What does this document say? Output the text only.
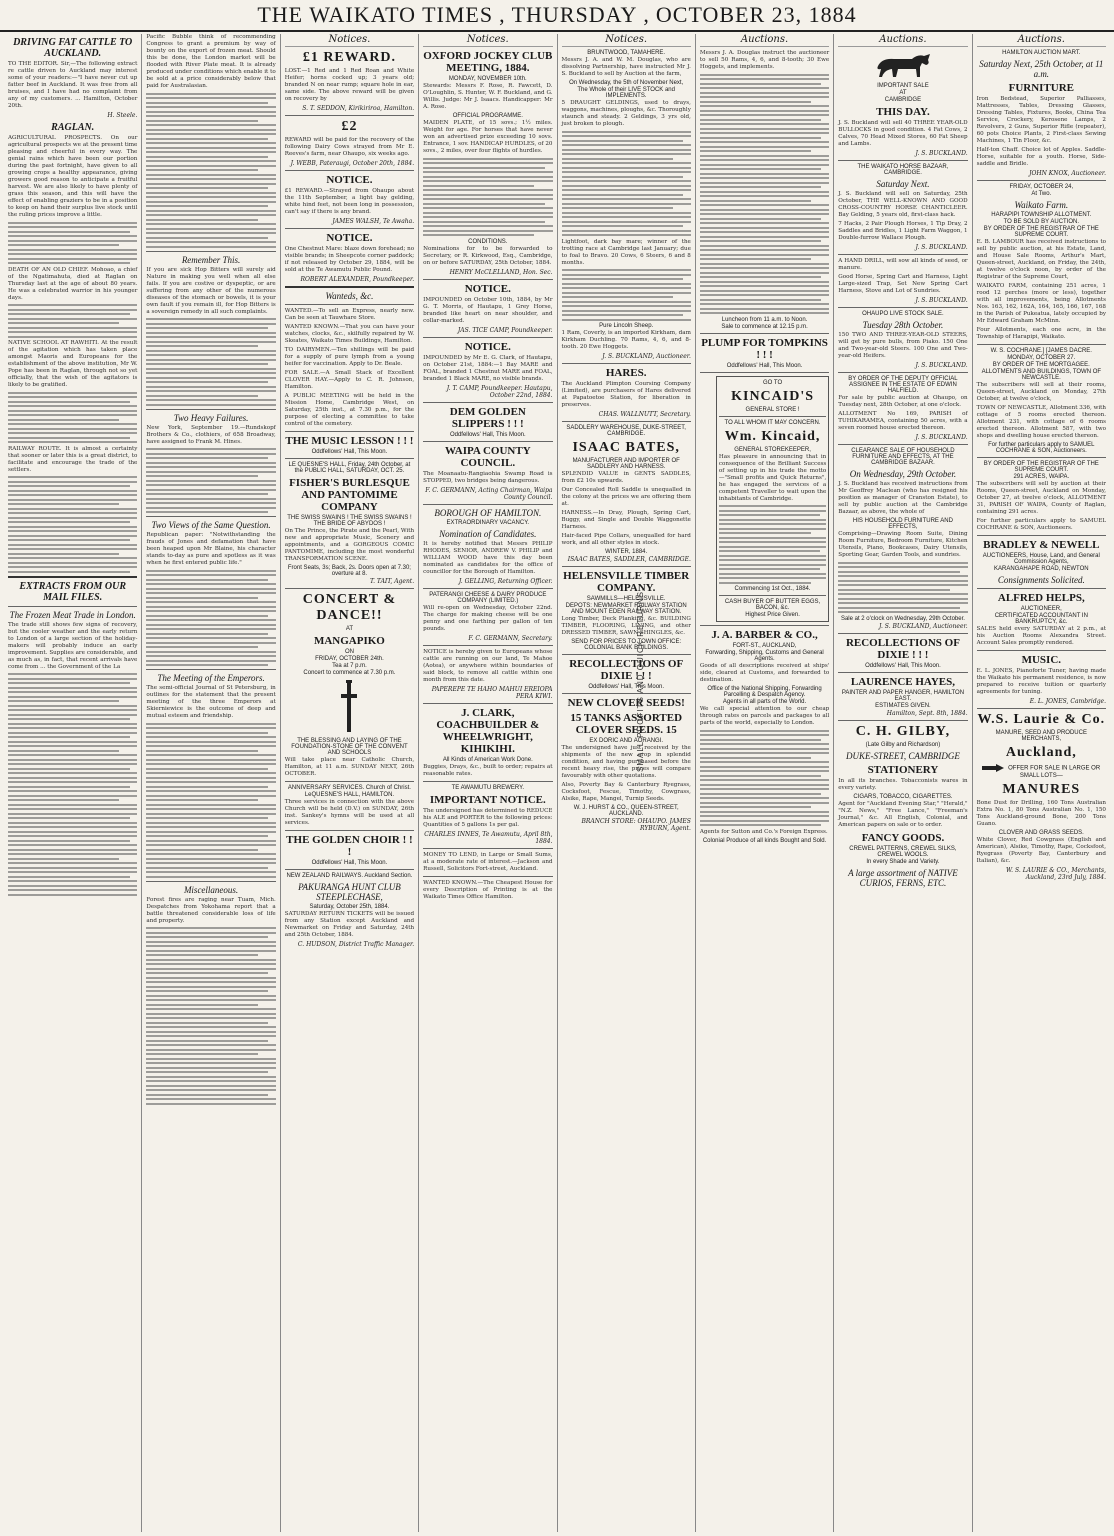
THE WAIKATO TIMES , THURSDAY , OCTOBER 23, 1884
DRIVING FAT CATTLE TO AUCKLAND.

TO THE EDITOR. Sir,—The following extract re cattle driven to Auckland may interest some of your readers:—"I have never cut up fatter beef in Auckland. It was free from all bruises, and I have had no complaint from any of my customers. ... Hamilton, October 20th.

H. Steele.
RAGLAN.

AGRICULTURAL PROSPECTS. On our agricultural prospects we at the present time pleasing and cheerful in every way. The genial rains which have been our portion during the past fortnight, have given to all growing crops a healthy appearance, giving growers good reason to anticipate a fruitful harvest. We are also likely to have plenty of grass this season, and this will have the effect of enabling graziers to be in a position to keep on hand their surplus live stock until the ruling prices improve a little.

DEATH OF AN OLD CHIEF. Mohoao, a chief of the Ngatimahuta, died at Raglan on Thursday last at the age of about 80 years. He was a celebrated warrior in his younger days.

NATIVE SCHOOL AT RAWHITI. At the result of the agitation which has taken place amongst Maoris and Europeans for the establishment of the above institution, Mr W. Pope has been in Raglan, through not so yet officially, that the wish of the agitators is likely to be gratified.

RAILWAY ROUTE. It is almost a certainty that sooner or later this is a great district, to facilitate and encourage the trade of the settlers.

EXTRACTS FROM OUR MAIL FILES.
The Frozen Meat Trade in London.

The trade still shows few signs of recovery, but the cooler weather and the early return to London of a large section of the holiday-makers will probably induce an early improvement. Supplies are considerable, and as much as, in fact, that recent arrivals have come from ... the Government of the La

Pacific Bubble think of recommending Congress to grant a premium by way of bounty on the export of frozen meat. Should this be done, the London market will be flooded with River Plate meat. It is already produced under conditions which enable it to be sold at a price considerably below that paid for Australasian.

Remember This.

If you are sick Hop Bitters will surely aid Nature in making you well when all else fails. If you are costive or dyspeptic, or are suffering from any other of the numerous diseases of the stomach or bowels, it is your own fault if you remain ill, for Hop Bitters is a sovereign remedy in all such complaints.

Two Heavy Failures.

New York, September 19.—Rundskopf Brothers & Co., clothiers, of 658 Broadway, have assigned to Frank M. Hines.

Two Views of the Same Question.

Republican paper: "Notwithstanding the frauds of Jones and defamation that have been heaped upon Mr Blaine, his character stands to-day as pure and spotless as it was when he first entered public life."

The Meeting of the Emperors.

The semi-official Journal of St Petersburg, in outlines for the statement that the present meeting of the three Emperors at Skierniewice is the outcome of deep and mutual esteem and friendship.

Miscellaneous.

Forest fires are raging near Tuam, Mich. Despatches from Yokohama report that a battle threatened considerable loss of life and property.

Notices.
£1 REWARD.

LOST.—1 Red and 1 Red Roan and White Heifer; horns cocked up; 3 years old; branded N on near rump; square hole in ear, same side. The above reward will be given on recovery by

S. T. SEDDON, Kirikiriroa, Hamilton.
£2

REWARD will be paid for the recovery of the following Dairy Cows strayed from Mr E. Reeves's farm, near Ohaupo, six weeks ago.

J. WEBB, Pateraugi, October 20th, 1884.
NOTICE.

£1 REWARD.—Strayed from Ohaupo about the 11th September, a light bay gelding, white hind feet, not been long in possession, can't say if there is any brand.

JAMES WALSH, Te Awaha.
NOTICE.

One Chestnut Mare: blaze down forehead; no visible brands; in Sheepcote corner paddock; if not released by October 29, 1884, will be sold at the Te Awamutu Public Pound.

ROBERT ALEXANDER, Poundkeeper.
Wanteds, &c.

WANTED.—To sell an Express, nearly new. Can be seen at Tauwhare Store.

WANTED KNOWN.—That you can have your watches, clocks, &c., skilfully repaired by W. Skeates, Waikato Times Buildings, Hamilton.

TO DAIRYMEN.—Ten shillings will be paid for a supply of pure lymph from a young heifer for vaccination. Apply to Dr. Beale.

FOR SALE.—A Small Stack of Excellent CLOVER HAY.—Apply to C. R. Johnson, Hamilton.

A PUBLIC MEETING will be held in the Mission Home, Cambridge West, on Saturday, 25th inst., at 7.30 p.m., for the purpose of electing a committee to take control of the cemetery.

THE MUSIC LESSON ! ! !
Oddfellows' Hall, This Moon.
LE QUESNE'S HALL, Friday, 24th October, at the PUBLIC HALL, SATURDAY, OCT. 25.
FISHER'S BURLESQUE AND PANTOMIME COMPANY
THE SWISS SWAINS ! THE SWISS SWAINS ! THE BRIDE OF ABYDOS !

On The Prince, the Pirate and the Pearl, With new and appropriate Music, Scenery and appointments, and a GORGEOUS COMIC PANTOMIME, including the most wonderful TRANSFORMATION SCENE.

Front Seats, 3s; Back, 2s. Doors open at 7.30; overture at 8.
T. TAIT, Agent.
CONCERT & DANCE!!
AT
MANGAPIKO
ON
FRIDAY, OCTOBER 24th.
Tea at 7 p.m.
Concert to commence at 7.30 p.m.
THE BLESSING AND LAYING OF THE FOUNDATION-STONE OF THE CONVENT AND SCHOOLS

Will take place near Catholic Church, Hamilton, at 11 a.m. SUNDAY NEXT, 26th OCTOBER.

ANNIVERSARY SERVICES. Church of Christ.
LeQUESNE'S HALL, HAMILTON.

Three services in connection with the above Church will be held (D.V.) on SUNDAY, 26th inst. Sankey's hymns will be used at all services.

THE GOLDEN CHOIR ! ! !
Oddfellows' Hall, This Moon.
NEW ZEALAND RAILWAYS. Auckland Section.
PAKURANGA HUNT CLUB STEEPLECHASE,
Saturday, October 25th, 1884.

SATURDAY RETURN TICKETS will be issued from any Station except Auckland and Newmarket on Friday and Saturday, 24th and 25th October, 1884.

C. HUDSON, District Traffic Manager.
Notices.
OXFORD JOCKEY CLUB MEETING, 1884.
MONDAY, NOVEMBER 10th.

Stewards: Messrs F. Rose, R. Fawcett, D. O'Loughlin, S. Hunter, W. F. Buckland, and G. Willis. Judge: Mr J. Isaacs. Handicapper: Mr A. Rose.

OFFICIAL PROGRAMME.

MAIDEN PLATE, of 15 sovs.; 1½ miles. Weight for age. For horses that have never won an advertised prize exceeding 10 sovs. Entrance, 1 sov. HANDICAP HURDLES, of 20 sovs., 2 miles, over four flights of hurdles.

CONDITIONS.

Nominations for to be forwarded to Secretary, or R. Kirkwood, Esq., Cambridge, on or before SATURDAY, 25th October, 1884.

HENRY McCLELLAND, Hon. Sec.
NOTICE.

IMPOUNDED on October 10th, 1884, by Mr G. T. Morris, of Hautapu, 1 Grey Horse, branded like heart on near shoulder, and collar-marked.

JAS. TICE CAMP, Poundkeeper.
NOTICE.

IMPOUNDED by Mr E. G. Clark, of Hautapu, on October 21st, 1884:—1 Bay MARE and FOAL, branded 1 Chestnut MARE and FOAL, branded 1 Black MARE, no visible brands.

J. T. CAMP, Poundkeeper. Hautapu, October 22nd, 1884.
DEM GOLDEN SLIPPERS ! ! !
Oddfellows' Hall, This Moon.
WAIPA COUNTY COUNCIL.

The Moanaatu-Rangiaohia Swamp Road is STOPPED, two bridges being dangerous.

F. C. GERMANN, Acting Chairman, Waipa County Council.
BOROUGH OF HAMILTON.
EXTRAORDINARY VACANCY.
Nomination of Candidates.

It is hereby notified that Messrs PHILIP RHODES, SENIOR, ANDREW V. PHILIP and WILLIAM WOOD have this day been nominated as candidates for the office of councillor for the Borough of Hamilton.

J. GELLING, Returning Officer.
PATERANGI CHEESE & DAIRY PRODUCE COMPANY (LIMITED.)

Will re-open on Wednesday, October 22nd. The charge for making cheese will be one penny and one farthing per gallon of ten pounds.

F. C. GERMANN, Secretary.

NOTICE is hereby given to Europeans whose cattle are running on our land, Te Mahoe (Aotea), or anywhere within boundaries of said block, to remove all cattle within one month from this date.

PAPEREPE TE HAHO MAHUI EREIOPA PERA KIWI.
J. CLARK, COACHBUILDER & WHEELWRIGHT, KIHIKIHI.
All Kinds of American Work Done.

Buggies, Drays, &c., built to order; repairs at reasonable rates.

TE AWAMUTU BREWERY.
IMPORTANT NOTICE.

The undersigned has determined to REDUCE his ALE and PORTER to the following prices: Quantities of 5 gallons 1s per gal.

CHARLES INNES, Te Awamutu, April 8th, 1884.

MONEY TO LEND, in Large or Small Sums, at a moderate rate of interest.—Jackson and Russell, Solicitors Fort-street, Auckland.

WANTED KNOWN.—The Cheapest House for every Description of Printing is at the Waikato Times Office Hamilton.

Notices.
BRUNTWOOD, TAMAHERE.

Messrs J. A. and W. M. Douglas, who are dissolving Partnership, have instructed Mr J. S. Buckland to sell by Auction at the farm,

On Wednesday, the 5th of November Next,
The Whole of their LIVE STOCK and IMPLEMENTS.

5 DRAUGHT GELDINGS, used to drays, waggons, machines, ploughs, &c. Thoroughly staunch and steady. 2 Geldings, 3 yrs old, just broken to plough.

Lightfoot, dark bay mare; winner of the trotting race at Cambridge last January; due to foal to Bravo. 20 Cows, 6 Steers, 6 and 8 months.

Pure Lincoln Sheep.

1 Ram, Coverly, is an imported Kirkham, dam Kirkham Duchling. 70 Rams, 4, 6, and 8-tooth. 20 Ewe Hoggets.

J. S. BUCKLAND, Auctioneer.
HARES.

The Auckland Plimpton Coursing Company (Limited), are purchasers of Hares delivered at Papatoetoe Station, for liberation in preserves.

CHAS. WALLNUTT, Secretary.
SADDLERY WAREHOUSE, DUKE-STREET, CAMBRIDGE.
ISAAC BATES,
MANUFACTURER AND IMPORTER OF SADDLERY AND HARNESS.

SPLENDID VALUE in GENTS SADDLES, from £2 10s upwards.

Our Concealed Roll Saddle is unequalled in the colony at the prices we are offering them at.

HARNESS.—In Dray, Plough, Spring Cart, Buggy, and Single and Double Waggonette Harness.

Hair-faced Pipe Collars, unequalled for hard work, and all other styles in stock.

WINTER, 1884.
ISAAC BATES, SADDLER, CAMBRIDGE.
HELENSVILLE TIMBER COMPANY.
SAWMILLS—HELENSVILLE.
DEPOTS: NEWMARKET RAILWAY STATION AND MOUNT EDEN RAILWAY STATION.

Long Timber, Deck Planking, &c. BUILDING TIMBER, FLOORING, LINING, and other DRESSED TIMBER, SAWN SHINGLES, &c.

SEND FOR PRICES TO TOWN OFFICE: COLONIAL BANK BUILDINGS.
RECOLLECTIONS OF DIXIE ! ! !
Oddfellows' Hall, This Moon.
NEW CLOVER SEEDS!
15 TANKS ASSORTED CLOVER SEEDS. 15
EX DORIC AND AORANGI.

The undersigned have just received by the shipments of the new crop in splendid condition, and having purchased before the recent heavy rise, the prices will compare favourably with other quotations.

Also, Poverty Bay & Canterbury Ryegrass, Cocksfoot, Fescue, Timothy, Cowgrass, Alsike, Rape, Mangel, Turnip Seeds.

W. J. HURST & CO., QUEEN-STREET, AUCKLAND.
BRANCH STORE: OHAUPO. JAMES RYBURN, Agent.
Auctions.

Messrs J. A. Douglas instruct the auctioneer to sell 50 Rams, 4, 6, and 8-tooth; 30 Ewe Hoggets, and implements.

Luncheon from 11 a.m. to Noon.
Sale to commence at 12.15 p.m.
PLUMP FOR TOMPKINS ! ! !
Oddfellows' Hall, This Moon.
GO TO
KINCAID'S
GENERAL STORE !
TO ALL WHOM IT MAY CONCERN.
Wm. Kincaid,
GENERAL STOREKEEPER,

Has pleasure in announcing that in consequence of the Brilliant Success of setting up in his trade the motto—"Small profits and Quick Returns", he has engaged the services of a competent Traveller to wait upon the inhabitants of Cambridge.

Commencing 1st Oct., 1884.
CASH BUYER OF BUTTER EGGS, BACON, &c.
Highest Price Given.
J. A. BARBER & CO.,
FORT-ST., AUCKLAND,
Forwarding, Shipping, Customs and General Agents.

Goods of all descriptions received at ships' side, cleared at Customs, and forwarded to destination.

Office of the National Shipping, Forwarding Parcelling & Despatch Agency.
Agents in all parts of the World.

We call special attention to our cheap through rates on parcels and packages to all parts of the world, especially to London.

Agents for Sutton and Co.'s Foreign Express.

Colonial Produce of all kinds Bought and Sold.
Auctions.
IMPORTANT SALE
AT
CAMBRIDGE
THIS DAY.

J. S. Buckland will sell 40 THREE YEAR-OLD BULLOCKS in good condition. 4 Fat Cows, 2 Calves, 70 Head Mixed Stores, 60 Fat Sheep and Lambs.

J. S. BUCKLAND.
THE WAIKATO HORSE BAZAAR, CAMBRIDGE.
Saturday Next.

J. S. Buckland will sell on Saturday, 25th October, THE WELL-KNOWN AND GOOD CROSS-COUNTRY HORSE CHANTICLEER. Bay Gelding, 5 years old, first-class hack.

7 Hacks, 2 Pair Plough Horses, 1 Tip Dray, 2 Saddles and Bridles, 1 Light Farm Waggon, 1 Double-furrow Wallace Plough.

J. S. BUCKLAND.

A HAND DRILL, will sow all kinds of seed, or manure.

Good Horse, Spring Cart and Harness, Light Large-sized Trap, Set New Spring Cart Harness, Stove and Lot of Sundries.

J. S. BUCKLAND.
OHAUPO LIVE STOCK SALE.
Tuesday 28th October.

150 TWO AND THREE-YEAR-OLD STEERS, will get by pure bulls, from Piako. 150 One and Two-year-old Steers. 100 One and Two-year-old Heifers.

J. S. BUCKLAND.
BY ORDER OF THE DEPUTY OFFICIAL ASSIGNEE IN THE ESTATE OF EDWIN HALFIELD.

For sale by public auction at Ohaupo, on Tuesday next, 28th October, at one o'clock.

ALLOTMENT No 169, PARISH of TUHIKARAMEA, containing 50 acres, with a seven roomed house erected thereon.

J. S. BUCKLAND.
CLEARANCE SALE OF HOUSEHOLD FURNITURE AND EFFECTS, AT THE CAMBRIDGE BAZAAR.
On Wednesday, 29th October.

J. S. Buckland has received instructions from Mr Geoffrey Maclean (who has resigned his position as manager of Cranston Estate), to sell by public auction at the Cambridge Bazaar, as above, the whole of

HIS HOUSEHOLD FURNITURE AND EFFECTS,

Comprising—Drawing Room Suite, Dining Room Furniture, Bedroom Furniture, Kitchen Utensils, Piano, Bookcases, Dairy Utensils, Sporting Gear, Garden Tools, and sundries.

Sale at 2 o'clock on Wednesday, 29th October.
J. S. BUCKLAND, Auctioneer.
RECOLLECTIONS OF DIXIE ! ! !
Oddfellows' Hall, This Moon.
LAURENCE HAYES,
PAINTER AND PAPER HANGER, HAMILTON EAST.
ESTIMATES GIVEN.
Hamilton, Sept. 8th, 1884.
C. H. GILBY,
(Late Gilby and Richardson)
DUKE-STREET, CAMBRIDGE
STATIONERY

In all its branches. Tobacconists wares in every variety.

CIGARS, TOBACCO, CIGARETTES.

Agent for "Auckland Evening Star," "Herald," "N.Z. News," "Free Lance," "Freeman's Journal," &c. All English, Colonial, and American papers on sale or to order.

FANCY GOODS.
CREWEL PATTERNS, CREWEL SILKS, CREWEL WOOLS.
In every Shade and Variety.
A large assortment of NATIVE CURIOS, FERNS, ETC.
Auctions.
HAMILTON AUCTION MART.
Saturday Next, 25th October, at 11 a.m.
FURNITURE

Iron Bedstead, Superior Palliasses, Mattresses, Tables, Dressing Glasses, Dressing Tables, Fixtures, Books, China Tea Service, Crockery, Kerosene Lamps, 2 Revolvers, 2 Guns, Superior Rifle (repeater), 60 pots Choice Plants, 2 First-class Sewing Machines, 1 Tin Floor, &c.

Half-ton Chaff. Choice lot of Apples. Saddle-Horse, suitable for a youth. Horse, Side-saddle and Bridle.

JOHN KNOX, Auctioneer.
FRIDAY, OCTOBER 24,
At Two.
Waikato Farm.
HARAPIPI TOWNSHIP ALLOTMENT.
TO BE SOLD BY AUCTION.
BY ORDER OF THE REGISTRAR OF THE SUPREME COURT.

E. B. LAMBOUR has received instructions to sell by public auction, at his Estate, Land, and House Sale Rooms, Arthur's Mart, Queen-street, Auckland, on Friday, the 24th, at twelve o'clock noon, by order of the Registrar of the Supreme Court,

WAIKATO FARM, containing 251 acres, 1 rood 12 perches (more or less), together with all improvements, being Allotments Nos. 163, 162, 162A, 164, 165, 166, 167, 168 in the Parish of Pukeatua, lately occupied by Mr Edward Graham McMinn.

Four Allotments, each one acre, in the Township of Harapipi, Waikato.

W. S. COCHRANE.] [JAMES DACRE.
MONDAY, OCTOBER 27.
BY ORDER OF THE MORTGAGEE.
ALLOTMENTS AND BUILDINGS, TOWN OF NEWCASTLE.

The subscribers will sell at their rooms, Queen-street, Auckland on Monday, 27th October, at twelve o'clock,

TOWN OF NEWCASTLE, Allotment 336, with cottage of 5 rooms erected thereon. Allotment 231, with cottage of 6 rooms erected thereon. Allotment 587, with two shops and dwelling house erected thereon.

For further particulars apply to SAMUEL COCHRANE & SON, Auctioneers.
BY ORDER OF THE REGISTRAR OF THE SUPREME COURT.
291 ACRES, WAIPA.

The subscribers will sell by auction at their Rooms, Queen-street, Auckland on Monday, October 27, at twelve o'clock, ALLOTMENT 31, PARISH OF WAIPA, County of Raglan, containing 291 acres.

For further particulars apply to SAMUEL COCHRANE & SON, Auctioneers.

BRADLEY & NEWELL
AUCTIONEERS, House, Land, and General Commission Agents,
KARANGAHAPE ROAD, NEWTON
Consignments Solicited.
ALFRED HELPS,
AUCTIONEER,
CERTIFICATED ACCOUNTANT IN BANKRUPTCY, &c.

SALES held every SATURDAY at 2 p.m., at his Auction Rooms Alexandra Street. Account Sales promptly rendered.

MUSIC.

E. L. JONES, Pianoforte Tuner, having made the Waikato his permanent residence, is now prepared to receive tuition or quarterly agreements for tuning.

E. L. JONES, Cambridge.
W.S. Laurie & Co.
MANURE, SEED AND PRODUCE MERCHANTS,
Auckland,
OFFER FOR SALE IN LARGE OR SMALL LOTS—
MANURES

Bone Dust for Drilling, 160 Tons Australian Extra No. 1, 80 Tons Australian No. 1, 150 Tons Auckland-ground Bone, 200 Tons Guano.

CLOVER AND GRASS SEEDS.

White Clover, Red Cowgrass (English and American), Alsike, Timothy, Rape, Cocksfoot, Ryegrass (Poverty Bay, Canterbury and Italian), &c.

W. S. LAURIE & CO., Merchants, Auckland, 23rd July, 1884.
SMALL PROFITS AND QUICK RETURNS.
